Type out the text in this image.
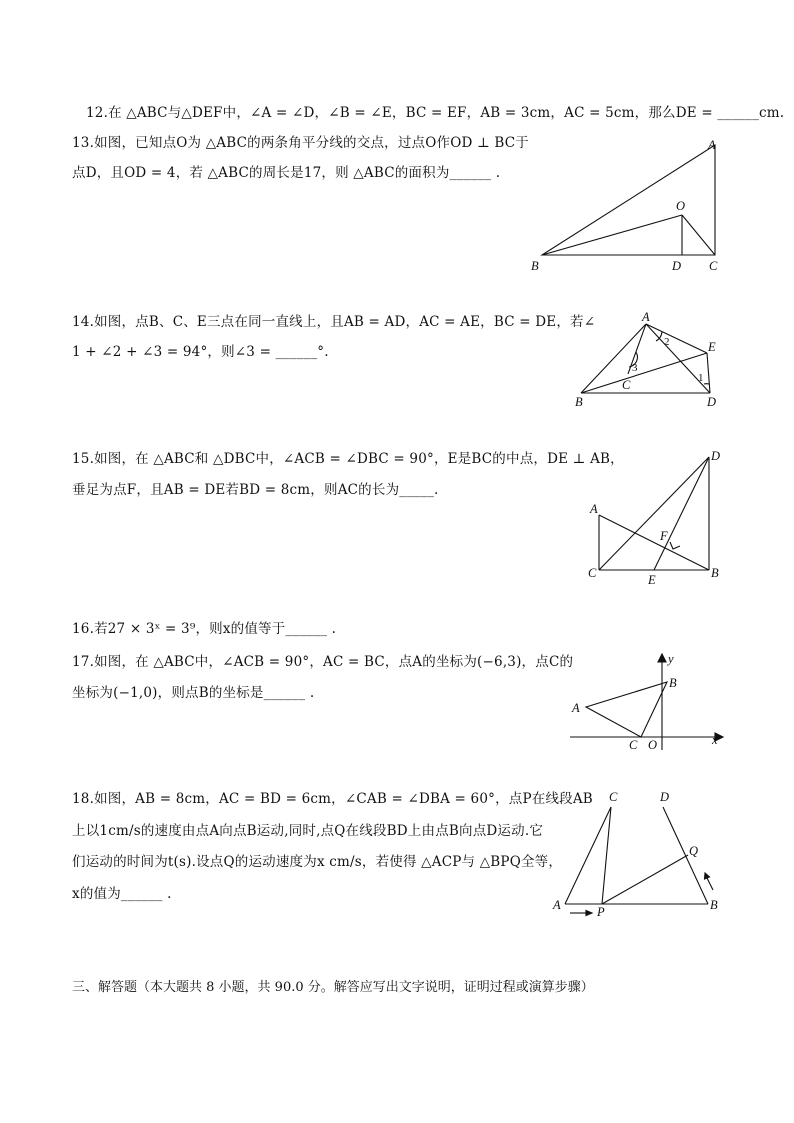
12.在 △ABC与△DEF中，∠A = ∠D，∠B = ∠E，BC = EF，AB = 3cm，AC = 5cm，那么DE = ______cm.
13.如图，已知点O为 △ABC的两条角平分线的交点，过点O作OD ⊥ BC于
点D，且OD = 4，若 △ABC的周长是17，则 △ABC的面积为______ .
A
O
B	D C
14.如图，点B、C、E三点在同一直线上，且AB = AD，AC = AE，BC = DE，若∠
1 + ∠2 + ∠3 = 94°，则∠3 = ______°.
A
E
C
B	D
1
2
3
15.如图，在 △ABC和 △DBC中，∠ACB = ∠DBC = 90°，E是BC的中点，DE ⊥ AB，
垂足为点F，且AB = DE若BD = 8cm，则AC的长为_____.
D
A
F
C	E	B
16.若27 × 3ˣ = 3⁹，则x的值等于______ .
17.如图，在 △ABC中，∠ACB = 90°，AC = BC，点A的坐标为(−6,3)，点C的
坐标为(−1,0)，则点B的坐标是______ .
y
x
A
B
C O
18.如图，AB = 8cm，AC = BD = 6cm，∠CAB = ∠DBA = 60°，点P在线段AB
上以1cm/s的速度由点A向点B运动,同时,点Q在线段BD上由点B向点D运动.它
们运动的时间为t(s).设点Q的运动速度为x cm/s，若使得 △ACP与 △BPQ全等，
x的值为______ .
C	D
Q
A	P	B
三、解答题（本大题共 8 小题，共 90.0 分。解答应写出文字说明，证明过程或演算步骤）
